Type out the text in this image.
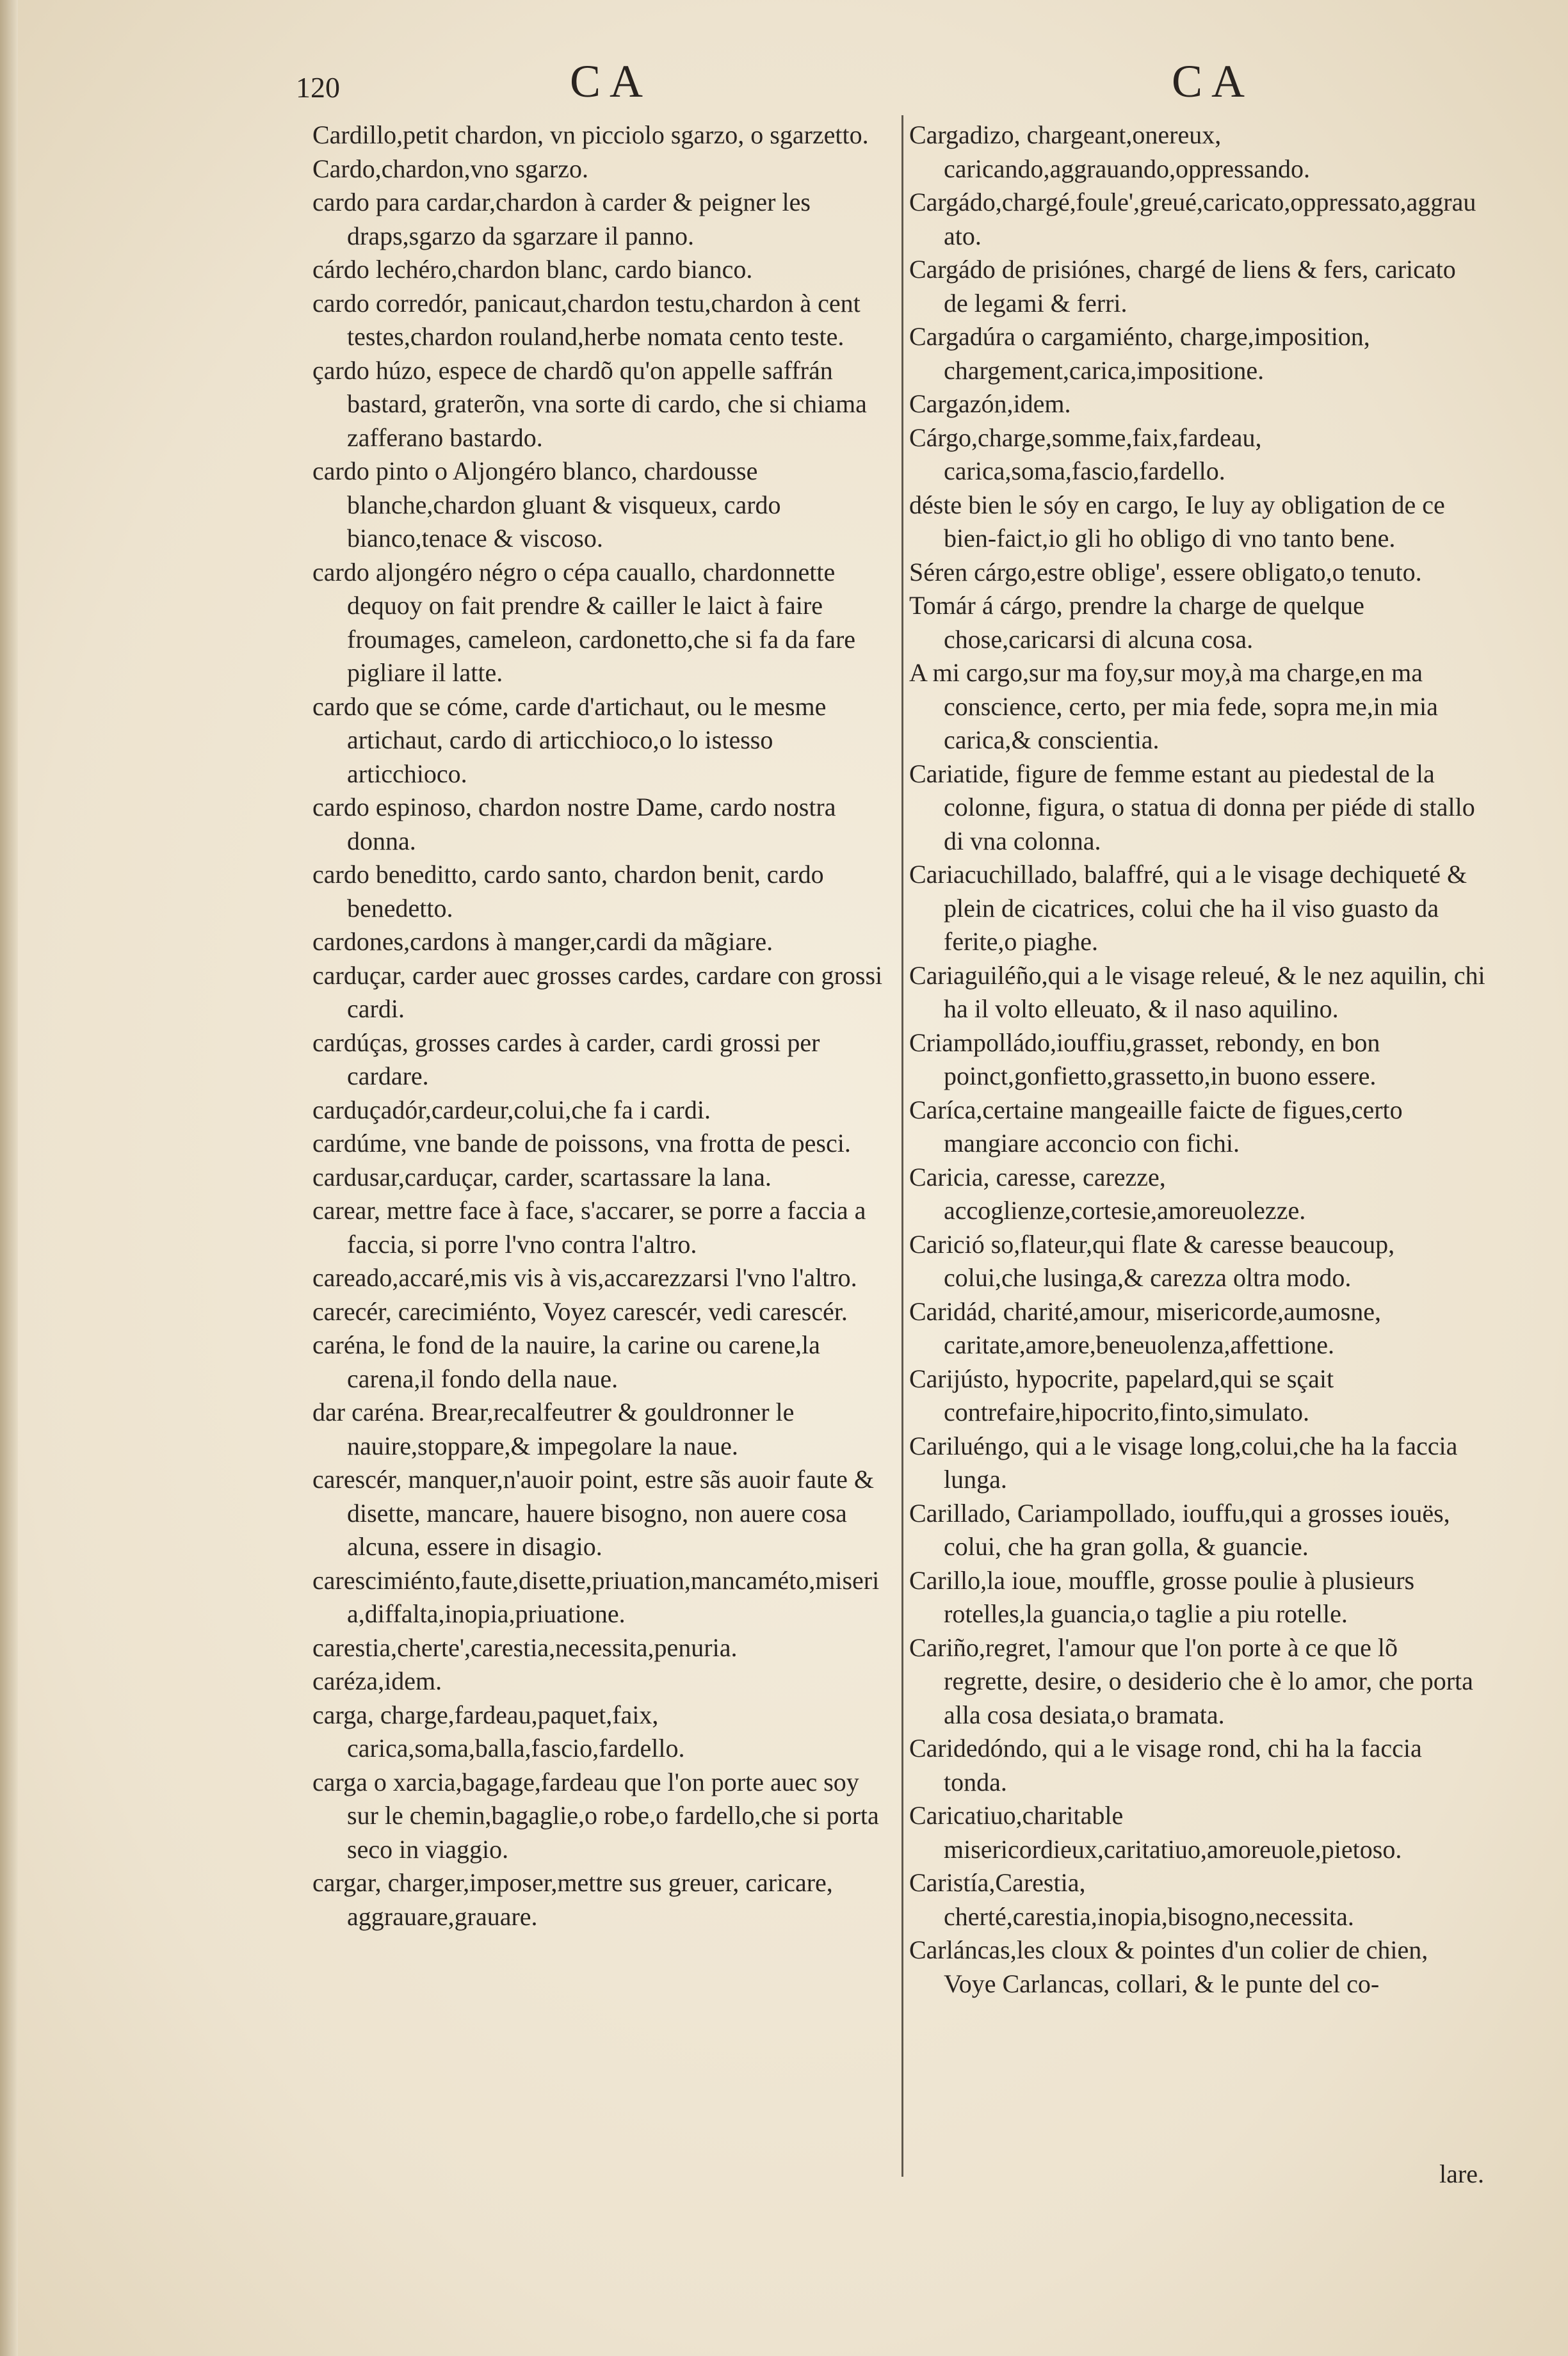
120	CA	CA

Cardillo,petit chardon, vn picciolo sgarzo, o sgarzetto.

Cardo,chardon,vno sgarzo.

cardo para cardar,chardon à carder & peigner les draps,sgarzo da sgarzare il panno.

cárdo lechéro,chardon blanc, cardo bianco.

cardo corredór, panicaut,chardon testu,chardon à cent testes,chardon rouland,herbe nomata cento teste.

çardo húzo, espece de chardõ qu'on appelle saffrán bastard, graterõn, vna sorte di cardo, che si chiama zafferano bastardo.

cardo pinto o Aljongéro blanco, chardousse blanche,chardon gluant & visqueux, cardo bianco,tenace & viscoso.

cardo aljongéro négro o cépa cauallo, chardonnette dequoy on fait prendre & cailler le laict à faire froumages, cameleon, cardonetto,che si fa da fare pigliare il latte.

cardo que se cóme, carde d'artichaut, ou le mesme artichaut, cardo di articchioco,o lo istesso articchioco.

cardo espinoso, chardon nostre Dame, cardo nostra donna.

cardo beneditto, cardo santo, chardon benit, cardo benedetto.

cardones,cardons à manger,cardi da mãgiare.

carduçar, carder auec grosses cardes, cardare con grossi cardi.

cardúças, grosses cardes à carder, cardi grossi per cardare.

carduçadór,cardeur,colui,che fa i cardi.

cardúme, vne bande de poissons, vna frotta de pesci.

cardusar,carduçar, carder, scartassare la lana.

carear, mettre face à face, s'accarer, se porre a faccia a faccia, si porre l'vno contra l'altro.

careado,accaré,mis vis à vis,accarezzarsi l'vno l'altro.

carecér, carecimiénto, Voyez carescér, vedi carescér.

caréna, le fond de la nauire, la carine ou carene,la carena,il fondo della naue.

dar caréna. Brear,recalfeutrer & gouldronner le nauire,stoppare,& impegolare la naue.

carescér, manquer,n'auoir point, estre sãs auoir faute & disette, mancare, hauere bisogno, non auere cosa alcuna, essere in disagio.

carescimiénto,faute,disette,priuation,mancaméto,miseria,diffalta,inopia,priuatione.

carestia,cherte',carestia,necessita,penuria.

caréza,idem.

carga, charge,fardeau,paquet,faix, carica,soma,balla,fascio,fardello.

carga o xarcia,bagage,fardeau que l'on porte auec soy sur le chemin,bagaglie,o robe,o fardello,che si porta seco in viaggio.

cargar, charger,imposer,mettre sus greuer, caricare, aggrauare,grauare.

Cargadizo, chargeant,onereux, caricando,aggrauando,oppressando.

Cargádo,chargé,foule',greué,caricato,oppressato,aggrauato.

Cargádo de prisiónes, chargé de liens & fers, caricato de legami & ferri.

Cargadúra o cargamiénto, charge,imposition, chargement,carica,impositione.

Cargazón,idem.

Cárgo,charge,somme,faix,fardeau, carica,soma,fascio,fardello.

déste bien le sóy en cargo, Ie luy ay obligation de ce bien-faict,io gli ho obligo di vno tanto bene.

Séren cárgo,estre oblige', essere obligato,o tenuto.

Tomár á cárgo, prendre la charge de quelque chose,caricarsi di alcuna cosa.

A mi cargo,sur ma foy,sur moy,à ma charge,en ma conscience, certo, per mia fede, sopra me,in mia carica,& conscientia.

Cariatide, figure de femme estant au piedestal de la colonne, figura, o statua di donna per piéde di stallo di vna colonna.

Cariacuchillado, balaffré, qui a le visage dechiqueté & plein de cicatrices, colui che ha il viso guasto da ferite,o piaghe.

Cariaguiléño,qui a le visage releué, & le nez aquilin, chi ha il volto elleuato, & il naso aquilino.

Criampolládo,iouffiu,grasset, rebondy, en bon poinct,gonfietto,grassetto,in buono essere.

Caríca,certaine mangeaille faicte de figues,certo mangiare acconcio con fichi.

Caricia, caresse, carezze, accoglienze,cortesie,amoreuolezze.

Carició so,flateur,qui flate & caresse beaucoup, colui,che lusinga,& carezza oltra modo.

Caridád, charité,amour, misericorde,aumosne, caritate,amore,beneuolenza,affettione.

Carijústo, hypocrite, papelard,qui se sçait contrefaire,hipocrito,finto,simulato.

Cariluéngo, qui a le visage long,colui,che ha la faccia lunga.

Carillado, Cariampollado, iouffu,qui a grosses iouës, colui, che ha gran golla, & guancie.

Carillo,la ioue, mouffle, grosse poulie à plusieurs rotelles,la guancia,o taglie a piu rotelle.

Cariño,regret, l'amour que l'on porte à ce que lõ regrette, desire, o desiderio che è lo amor, che porta alla cosa desiata,o bramata.

Caridedóndo, qui a le visage rond, chi ha la faccia tonda.

Caricatiuo,charitable misericordieux,caritatiuo,amoreuole,pietoso.

Caristía,Carestia, cherté,carestia,inopia,bisogno,necessita.

Carláncas,les cloux & pointes d'un colier de chien, Voye Carlancas, collari, & le punte del co-

lare.
